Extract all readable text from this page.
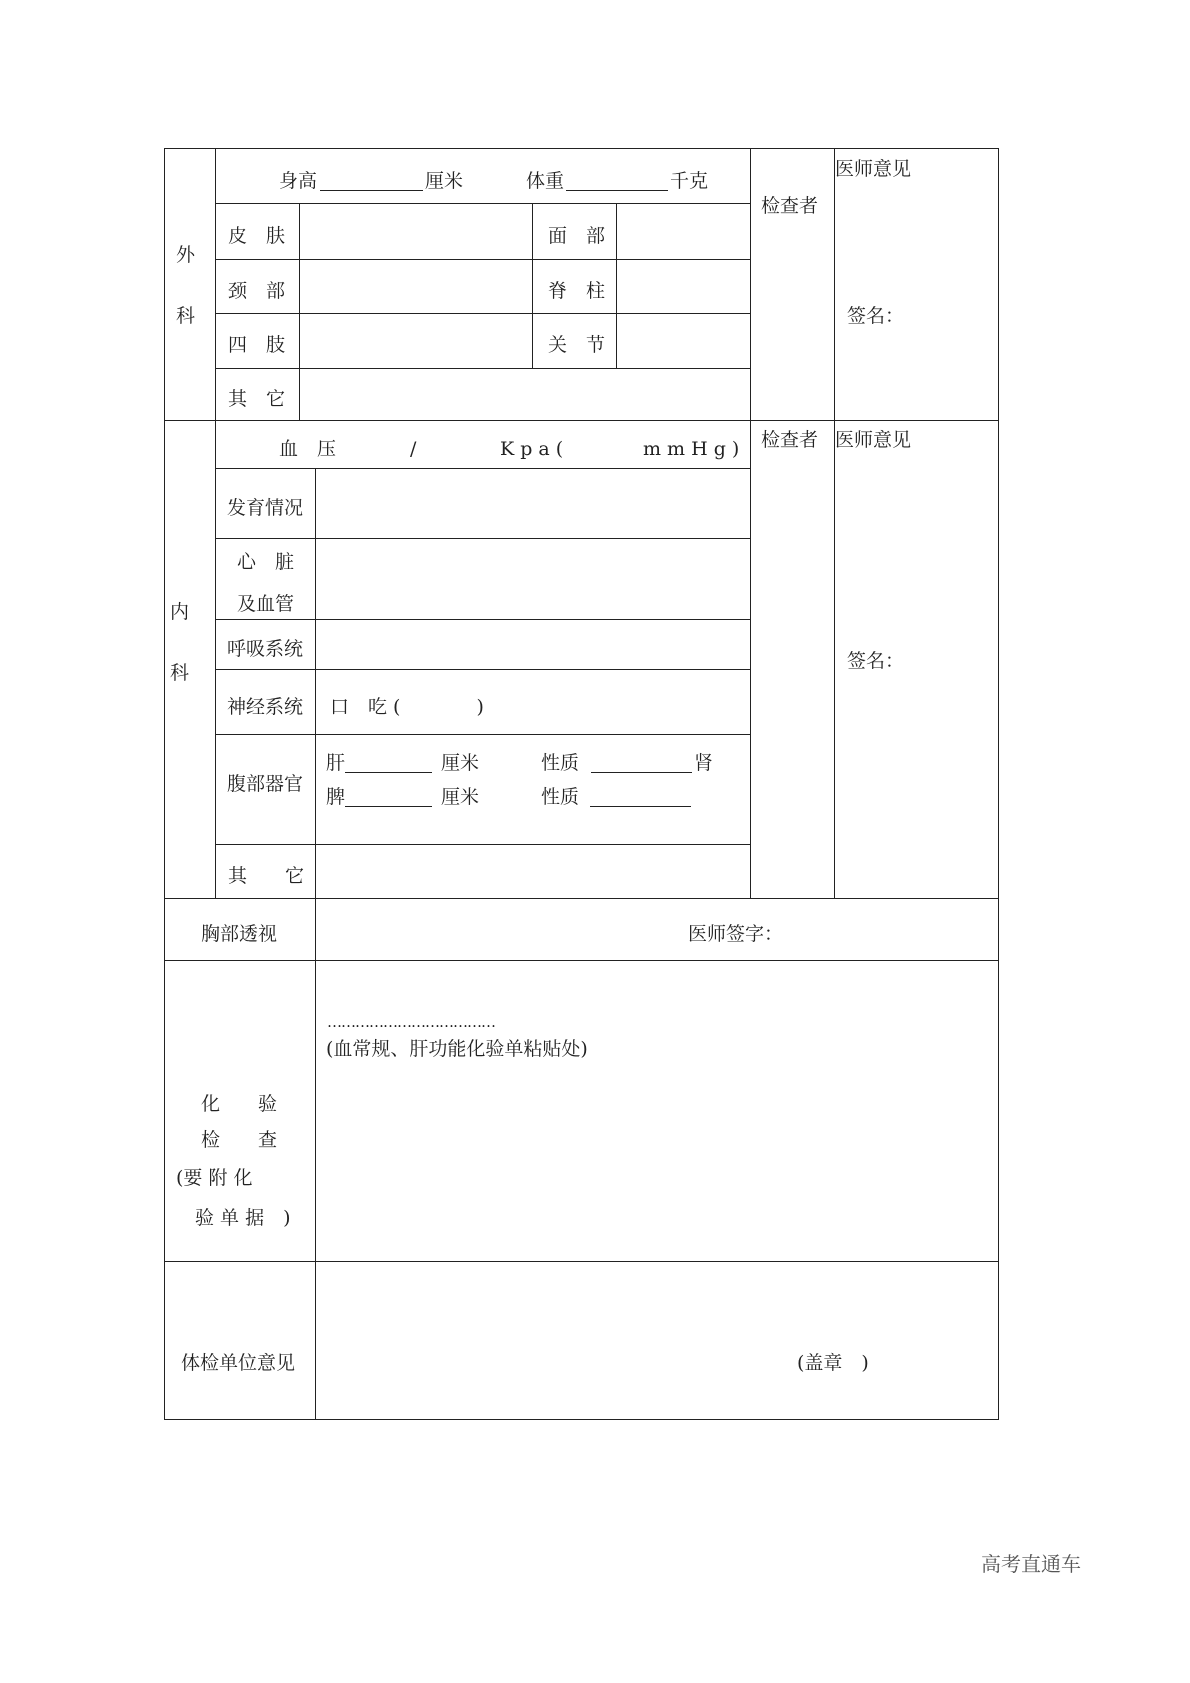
外
科
身高	厘米	体重	千克
皮　肤	面　部
颈　部	脊　柱
四　肢	关　节
其　它
检查者
医师意见
签名：
内
科
血　压	/	K p a (	m m H g )
发育情况
心　脏
及血管
呼吸系统
神经系统 口　吃 (　　　　)
腹部器官
肝	厘米	性质	肾
脾	厘米	性质
其　　它
检查者 医师意见
签名：
胸部透视	医师签字：
化　　验
检　　查
(要 附 化
验 单 据　)
………………………………
(血常规、肝功能化验单粘贴处)
体检单位意见	(盖章　)
高考直通车
